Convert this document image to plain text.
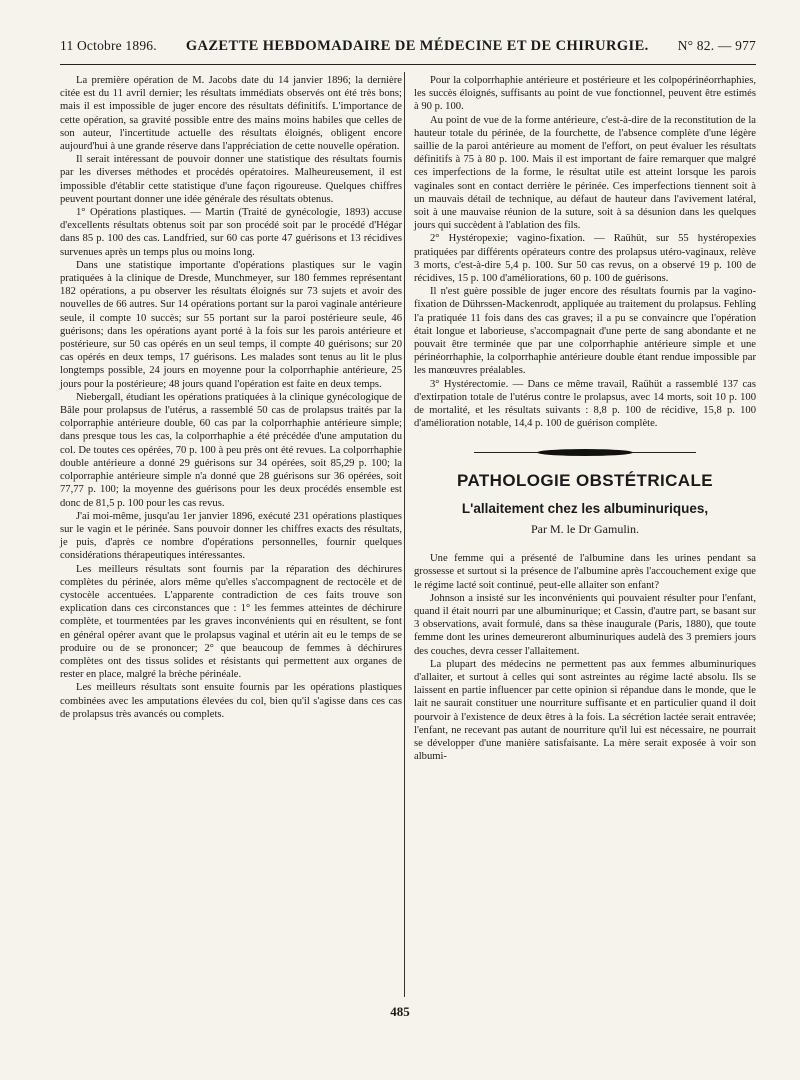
11 Octobre 1896. GAZETTE HEBDOMADAIRE DE MÉDECINE ET DE CHIRURGIE. N° 82. — 977

La première opération de M. Jacobs date du 14 janvier 1896; la dernière citée est du 11 avril dernier; les résultats immédiats observés ont été très bons; mais il est impossible de juger encore des résultats définitifs. L'importance de cette opération, sa gravité possible entre des mains moins habiles que celles de son auteur, l'incertitude actuelle des résultats éloignés, obligent encore aujourd'hui à une grande réserve dans l'appréciation de cette nouvelle opération.

Il serait intéressant de pouvoir donner une statistique des résultats fournis par les diverses méthodes et procédés opératoires. Malheureusement, il est impossible d'établir cette statistique d'une façon rigoureuse. Quelques chiffres peuvent pourtant donner une idée générale des résultats obtenus.

1° Opérations plastiques. — Martin (Traité de gynécologie, 1893) accuse d'excellents résultats obtenus soit par son procédé soit par le procédé d'Hégar dans 85 p. 100 des cas. Landfried, sur 60 cas porte 47 guérisons et 13 récidives survenues après un temps plus ou moins long.

Dans une statistique importante d'opérations plastiques sur le vagin pratiquées à la clinique de Dresde, Munchmeyer, sur 180 femmes représentant 182 opérations, a pu observer les résultats éloignés sur 73 sujets et avoir des nouvelles de 66 autres. Sur 14 opérations portant sur la paroi vaginale antérieure seule, il compte 10 succès; sur 55 portant sur la paroi postérieure seule, 46 guérisons; dans les opérations ayant porté à la fois sur les parois antérieure et postérieure, sur 50 cas opérés en un seul temps, il compte 40 guérisons; sur 20 cas opérés en deux temps, 17 guérisons. Les malades sont tenus au lit le plus longtemps possible, 24 jours en moyenne pour la colporrhaphie antérieure, 25 jours pour la postérieure; 48 jours quand l'opération est faite en deux temps.

Niebergall, étudiant les opérations pratiquées à la clinique gynécologique de Bâle pour prolapsus de l'utérus, a rassemblé 50 cas de prolapsus traités par la colporraphie antérieure double, 60 cas par la colporrhaphie antérieure simple; dans presque tous les cas, la colporrhaphie a été précédée d'une amputation du col. De toutes ces opérées, 70 p. 100 à peu près ont été revues. La colporrhaphie double antérieure a donné 29 guérisons sur 34 opérées, soit 85,29 p. 100; la colporraphie antérieure simple n'a donné que 28 guérisons sur 36 opérées, soit 77,77 p. 100; la moyenne des guérisons pour les deux procédés ensemble est donc de 81,5 p. 100 pour les cas revus.

J'ai moi-même, jusqu'au 1er janvier 1896, exécuté 231 opérations plastiques sur le vagin et le périnée. Sans pouvoir donner les chiffres exacts des résultats, je puis, d'après ce nombre d'opérations personnelles, fournir quelques considérations thérapeutiques intéressantes.

Les meilleurs résultats sont fournis par la réparation des déchirures complètes du périnée, alors même qu'elles s'accompagnent de rectocèle et de cystocèle accentuées. L'apparente contradiction de ces faits trouve son explication dans ces circonstances que : 1° les femmes atteintes de déchirure complète, et tourmentées par les graves inconvénients qui en résultent, se font en général opérer avant que le prolapsus vaginal et utérin ait eu le temps de se produire ou de se prononcer; 2° que beaucoup de femmes à déchirures complètes ont des tissus solides et résistants qui permettent aux organes de rester en place, malgré la brèche périnéale.

Les meilleurs résultats sont ensuite fournis par les opérations plastiques combinées avec les amputations élevées du col, bien qu'il s'agisse dans ces cas de prolapsus très avancés ou complets.

Pour la colporrhaphie antérieure et postérieure et les colpopérinéorrhaphies, les succès éloignés, suffisants au point de vue fonctionnel, peuvent être estimés à 90 p. 100.

Au point de vue de la forme antérieure, c'est-à-dire de la reconstitution de la hauteur totale du périnée, de la fourchette, de l'absence complète d'une légère saillie de la paroi antérieure au moment de l'effort, on peut évaluer les résultats définitifs à 75 à 80 p. 100. Mais il est important de faire remarquer que malgré ces imperfections de la forme, le résultat utile est atteint lorsque les parois vaginales sont en contact derrière le périnée. Ces imperfections tiennent soit à un mauvais détail de technique, au défaut de hauteur dans l'avivement latéral, soit à une mauvaise réunion de la suture, soit à sa désunion dans les quelques jours qui succèdent à l'ablation des fils.

2° Hystéropexie; vagino-fixation. — Raühüt, sur 55 hystéropexies pratiquées par différents opérateurs contre des prolapsus utéro-vaginaux, relève 3 morts, c'est-à-dire 5,4 p. 100. Sur 50 cas revus, on a observé 19 p. 100 de récidives, 15 p. 100 d'améliorations, 60 p. 100 de guérisons.

Il n'est guère possible de juger encore des résultats fournis par la vagino-fixation de Dührssen-Mackenrodt, appliquée au traitement du prolapsus. Fehling l'a pratiquée 11 fois dans des cas graves; il a pu se convaincre que l'opération était longue et laborieuse, s'accompagnait d'une perte de sang abondante et ne pouvait être terminée que par une colporrhaphie antérieure simple et une périnéorrhaphie, la colporrhaphie antérieure double étant rendue impossible par les manœuvres préalables.

3° Hystérectomie. — Dans ce même travail, Raühüt a rassemblé 137 cas d'extirpation totale de l'utérus contre le prolapsus, avec 14 morts, soit 10 p. 100 de mortalité, et les résultats suivants : 8,8 p. 100 de récidive, 15,8 p. 100 d'amélioration notable, 14,4 p. 100 de guérison complète.

PATHOLOGIE OBSTÉTRICALE
L'allaitement chez les albuminuriques,
Par M. le Dr Gamulin.

Une femme qui a présenté de l'albumine dans les urines pendant sa grossesse et surtout si la présence de l'albumine après l'accouchement exige que le régime lacté soit continué, peut-elle allaiter son enfant?

Johnson a insisté sur les inconvénients qui pouvaient résulter pour l'enfant, quand il était nourri par une albuminurique; et Cassin, d'autre part, se basant sur 3 observations, avait formulé, dans sa thèse inaugurale (Paris, 1880), que toute femme dont les urines demeureront albuminuriques audelà des 3 premiers jours des couches, devra cesser l'allaitement.

La plupart des médecins ne permettent pas aux femmes albuminuriques d'allaiter, et surtout à celles qui sont astreintes au régime lacté absolu. Ils se laissent en partie influencer par cette opinion si répandue dans le monde, que le lait ne saurait constituer une nourriture suffisante et en particulier quand il doit pourvoir à l'existence de deux êtres à la fois. La sécrétion lactée serait entravée; l'enfant, ne recevant pas autant de nourriture qu'il lui est nécessaire, ne pourrait se développer d'une manière satisfaisante. La mère serait exposée à voir son albumi-

485
